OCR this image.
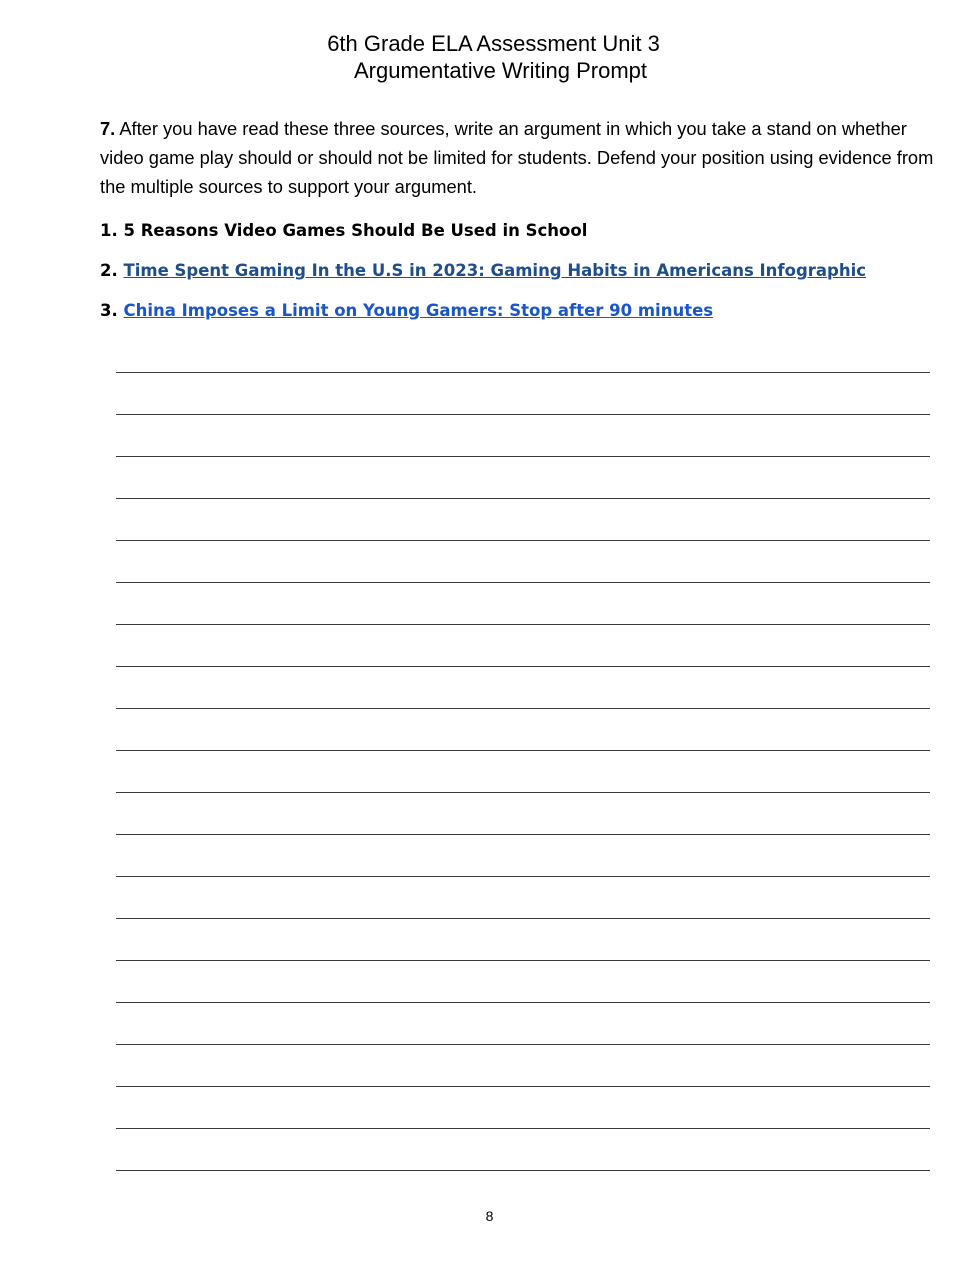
6th Grade ELA Assessment Unit 3
Argumentative Writing Prompt
7. After you have read these three sources, write an argument in which you take a stand on whether video game play should or should not be limited for students. Defend your position using evidence from the multiple sources to support your argument.
1. 5 Reasons Video Games Should Be Used in School
2. Time Spent Gaming In the U.S in 2023: Gaming Habits in Americans Infographic
3. China Imposes a Limit on Young Gamers: Stop after 90 minutes
8
